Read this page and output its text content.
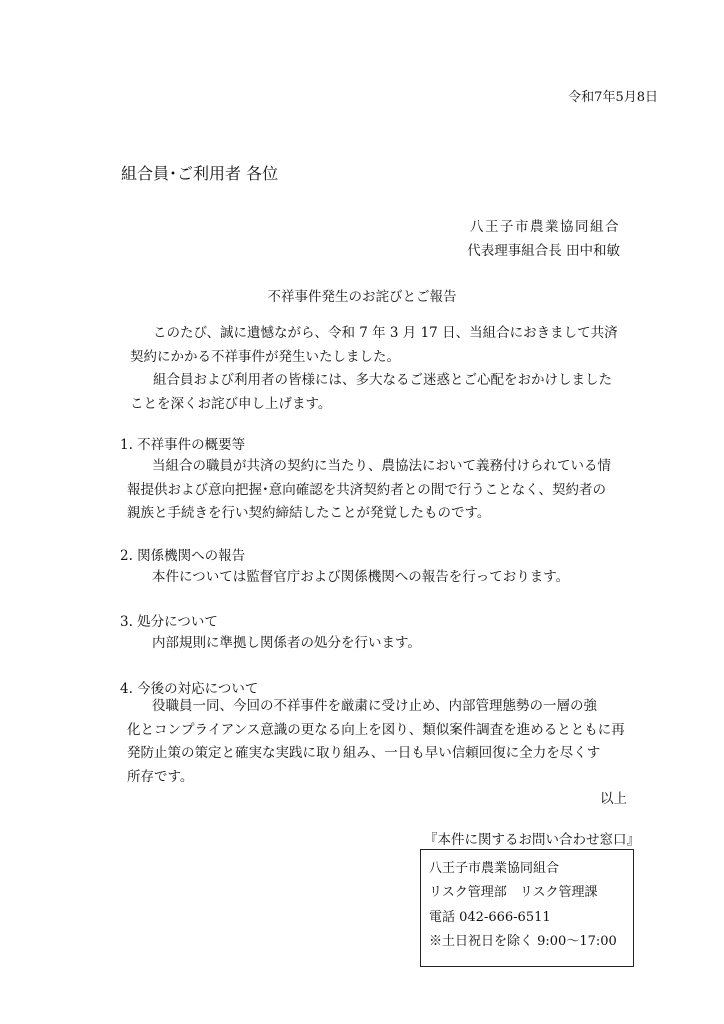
令和7年5月8日
組合員･ご利用者 各位
八王子市農業協同組合
代表理事組合長 田中和敏
不祥事件発生のお詫びとご報告
このたび、誠に遺憾ながら、令和 7 年 3 月 17 日、当組合におきまして共済
契約にかかる不祥事件が発生いたしました。
組合員および利用者の皆様には、多大なるご迷惑とご心配をおかけしました
ことを深くお詫び申し上げます。
1. 不祥事件の概要等
当組合の職員が共済の契約に当たり、農協法において義務付けられている情
報提供および意向把握･意向確認を共済契約者との間で行うことなく、契約者の
親族と手続きを行い契約締結したことが発覚したものです。
2. 関係機関への報告
本件については監督官庁および関係機関への報告を行っております。
3. 処分について
内部規則に準拠し関係者の処分を行います。
4. 今後の対応について
役職員一同、今回の不祥事件を厳粛に受け止め、内部管理態勢の一層の強
化とコンプライアンス意識の更なる向上を図り、類似案件調査を進めるとともに再
発防止策の策定と確実な実践に取り組み、一日も早い信頼回復に全力を尽くす
所存です。
以上
『本件に関するお問い合わせ窓口』
八王子市農業協同組合
リスク管理部　リスク管理課
電話 042‐666‐6511
※土日祝日を除く 9:00～17:00
